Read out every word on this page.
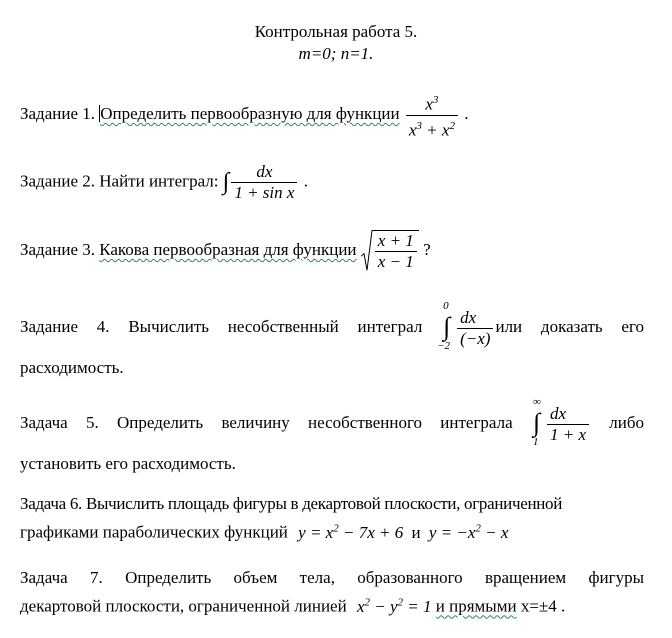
Контрольная работа 5.
m=0; n=1.
Задание 1. Определить первообразную для функции $\frac{x^3}{x^3 + x^2}$ .
Задание 2. Найти интеграл: ∫ $\frac{dx}{\text{1 + sin x}}$ .
Задание 3. Какова первообразная для функции $\frac{x + 1}{x - 1}$ ?
Задание 4. Вычислить несобственный интеграл
0
∫
$-2 \frac{dx}{(-x)}$ или доказать его
расходимость.
Задача 5. Определить величину несобственного интеграла
∞
∫
$1 \frac{dx}{1 + x}$ либо
установить его расходимость.
Задача 6. Вычислить площадь фигуры в декартовой плоскости, ограниченной
графиками параболических функций $y = x^2 - 7x + 6$ и $y = -x^2 - x$
Задача 7. Определить объем тела, образованного вращением фигуры
декартовой плоскости, ограниченной линией $x^2 - y^2 = 1$ и прямыми x=±4 .
